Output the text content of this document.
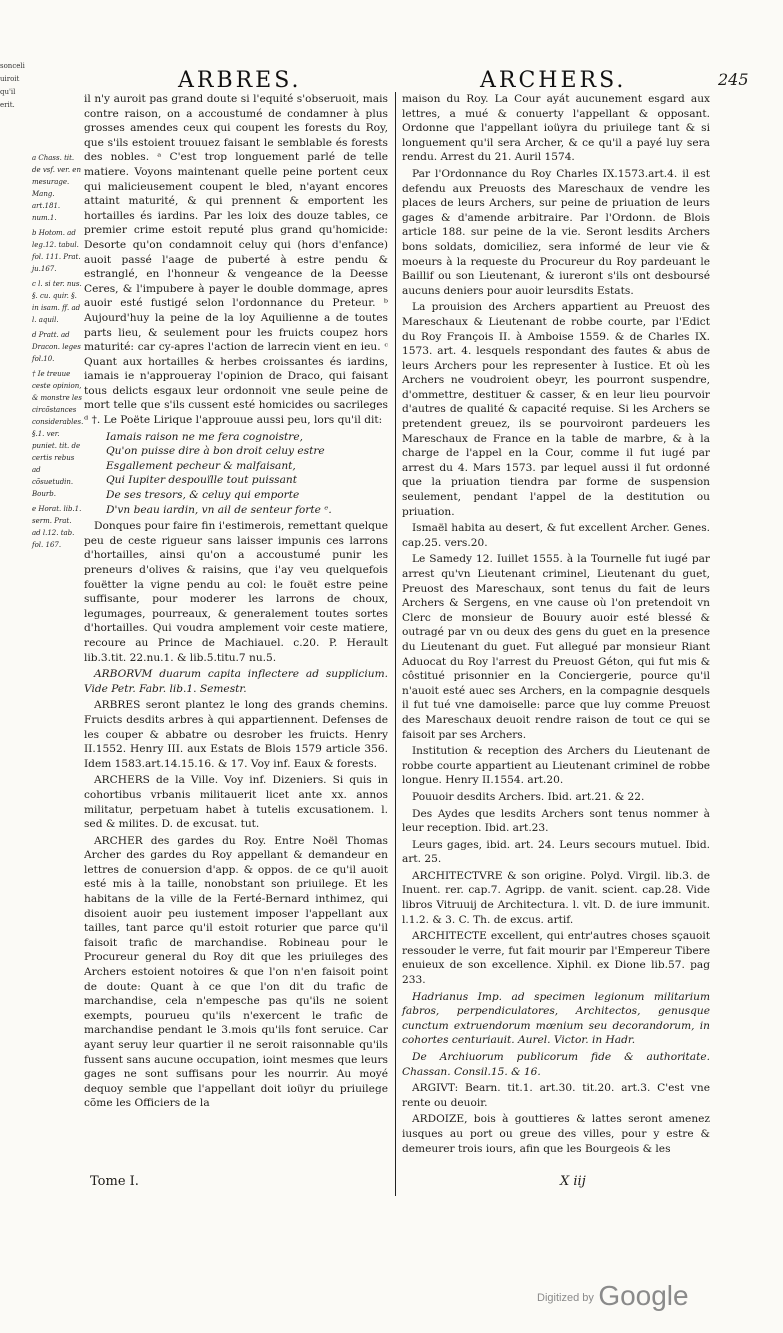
sonceli
uiroit
qu'il
erit.
ARBRES.	ARCHERS.	245
a Chass. tit. de vsf. ver. en mesurage. Mang. art.181. num.1.
b Hotom. ad leg.12. tabul. fol. 111. Prat. ju.167.
c l. si ter. nus. §. cu. quir. §. in isam. ff. ad l. aquil.
d Pratt. ad Dracon. leges fol.10.
† Ie treuue ceste opinion, & monstre les circõstances considerables. §.1. ver. puniet. tit. de certis rebus ad cõsuetudin. Bourb.
e Horat. lib.1. serm. Prat. ad l.12. tab. fol. 167.

il n'y auroit pas grand doute si l'equité s'obseruoit, mais contre raison, on a accoustumé de condamner à plus grosses amendes ceux qui coupent les forests du Roy, que s'ils estoient trouuez faisant le semblable és forests des nobles. ᵃ C'est trop longuement parlé de telle matiere. Voyons maintenant quelle peine portent ceux qui malicieusement coupent le bled, n'ayant encores attaint maturité, & qui prennent & emportent les hortailles és iardins. Par les loix des douze tables, ce premier crime estoit reputé plus grand qu'homicide: Desorte qu'on condamnoit celuy qui (hors d'enfance) auoit passé l'aage de puberté à estre pendu & estranglé, en l'honneur & vengeance de la Deesse Ceres, & l'impubere à payer le double dommage, apres auoir esté fustigé selon l'ordonnance du Preteur. ᵇ Aujourd'huy la peine de la loy Aquilienne a de toutes parts lieu, & seulement pour les fruicts coupez hors maturité: car cy-apres l'action de larrecin vient en ieu. ᶜ Quant aux hortailles & herbes croissantes és iardins, iamais ie n'approueray l'opinion de Draco, qui faisant tous delicts esgaux leur ordonnoit vne seule peine de mort telle que s'ils cussent esté homicides ou sacrileges ᵈ †. Le Poëte Lirique l'approuue aussi peu, lors qu'il dit:

Iamais raison ne me fera cognoistre,
Qu'on puisse dire à bon droit celuy estre
Esgallement pecheur & malfaisant,
Qui Iupiter despouïlle tout puissant
De ses tresors, & celuy qui emporte
D'vn beau iardin, vn ail de senteur forte ᵉ.

Donques pour faire fin i'estimerois, remettant quelque peu de ceste rigueur sans laisser impunis ces larrons d'hortailles, ainsi qu'on a accoustumé punir les preneurs d'olives & raisins, que i'ay veu quelquefois fouëtter la vigne pendu au col: le fouët estre peine suffisante, pour moderer les larrons de choux, legumages, pourreaux, & generalement toutes sortes d'hortailles. Qui voudra amplement voir ceste matiere, recoure au Prince de Machiauel. c.20. P. Herault lib.3.tit. 22.nu.1. & lib.5.titu.7 nu.5.

ARBORVM duarum capita inflectere ad supplicium. Vide Petr. Fabr. lib.1. Semestr.

ARBRES seront plantez le long des grands chemins. Fruicts desdits arbres à qui appartiennent. Defenses de les couper & abbatre ou desrober les fruicts. Henry II.1552. Henry III. aux Estats de Blois 1579 article 356. Idem 1583.art.14.15.16. & 17. Voy inf. Eaux & forests.

ARCHERS de la Ville. Voy inf. Dizeniers. Si quis in cohortibus vrbanis militauerit licet ante xx. annos militatur, perpetuam habet à tutelis excusationem. l. sed & milites. D. de excusat. tut.

ARCHER des gardes du Roy. Entre Noël Thomas Archer des gardes du Roy appellant & demandeur en lettres de conuersion d'app. & oppos. de ce qu'il auoit esté mis à la taille, nonobstant son priuilege. Et les habitans de la ville de la Ferté-Bernard inthimez, qui disoient auoir peu iustement imposer l'appellant aux tailles, tant parce qu'il estoit roturier que parce qu'il faisoit trafic de marchandise. Robineau pour le Procureur general du Roy dit que les priuileges des Archers estoient notoires & que l'on n'en faisoit point de doute: Quant à ce que l'on dit du trafic de marchandise, cela n'empesche pas qu'ils ne soient exempts, pourueu qu'ils n'exercent le trafic de marchandise pendant le 3.mois qu'ils font seruice. Car ayant seruy leur quartier il ne seroit raisonnable qu'ils fussent sans aucune occupation, ioint mesmes que leurs gages ne sont suffisans pour les nourrir. Au moyé dequoy semble que l'appellant doit ioüyr du priuilege cõme les Officiers de la

maison du Roy. La Cour ayát aucunement esgard aux lettres, a mué & conuerty l'appellant & opposant. Ordonne que l'appellant ioüyra du priuilege tant & si longuement qu'il sera Archer, & ce qu'il a payé luy sera rendu. Arrest du 21. Auril 1574.

Par l'Ordonnance du Roy Charles IX.1573.art.4. il est defendu aux Preuosts des Mareschaux de vendre les places de leurs Archers, sur peine de priuation de leurs gages & d'amende arbitraire. Par l'Ordonn. de Blois article 188. sur peine de la vie. Seront lesdits Archers bons soldats, domiciliez, sera informé de leur vie & moeurs à la requeste du Procureur du Roy pardeuant le Baillif ou son Lieutenant, & iureront s'ils ont desboursé aucuns deniers pour auoir leursdits Estats.

La prouision des Archers appartient au Preuost des Mareschaux & Lieutenant de robbe courte, par l'Edict du Roy François II. à Amboise 1559. & de Charles IX. 1573. art. 4. lesquels respondant des fautes & abus de leurs Archers pour les representer à Iustice. Et où les Archers ne voudroient obeyr, les pourront suspendre, d'ommettre, destituer & casser, & en leur lieu pourvoir d'autres de qualité & capacité requise. Si les Archers se pretendent greuez, ils se pourvoiront pardeuers les Mareschaux de France en la table de marbre, & à la charge de l'appel en la Cour, comme il fut iugé par arrest du 4. Mars 1573. par lequel aussi il fut ordonné que la priuation tiendra par forme de suspension seulement, pendant l'appel de la destitution ou priuation.

Ismaël habita au desert, & fut excellent Archer. Genes. cap.25. vers.20.

Le Samedy 12. Iuillet 1555. à la Tournelle fut iugé par arrest qu'vn Lieutenant criminel, Lieutenant du guet, Preuost des Mareschaux, sont tenus du fait de leurs Archers & Sergens, en vne cause où l'on pretendoit vn Clerc de monsieur de Bouury auoir esté blessé & outragé par vn ou deux des gens du guet en la presence du Lieutenant du guet. Fut allegué par monsieur Riant Aduocat du Roy l'arrest du Preuost Géton, qui fut mis & côstitué prisonnier en la Conciergerie, pource qu'il n'auoit esté auec ses Archers, en la compagnie desquels il fut tué vne damoiselle: parce que luy comme Preuost des Mareschaux deuoit rendre raison de tout ce qui se faisoit par ses Archers.

Institution & reception des Archers du Lieutenant de robbe courte appartient au Lieutenant criminel de robbe longue. Henry II.1554. art.20.

Pouuoir desdits Archers. Ibid. art.21. & 22.

Des Aydes que lesdits Archers sont tenus nommer à leur reception. Ibid. art.23.

Leurs gages, ibid. art. 24. Leurs secours mutuel. Ibid. art. 25.

ARCHITECTVRE & son origine. Polyd. Virgil. lib.3. de Inuent. rer. cap.7. Agripp. de vanit. scient. cap.28. Vide libros Vitruuij de Architectura. l. vlt. D. de iure immunit. l.1.2. & 3. C. Th. de excus. artif.

ARCHITECTE excellent, qui entr'autres choses sçauoit ressouder le verre, fut fait mourir par l'Empereur Tibere enuieux de son excellence. Xiphil. ex Dione lib.57. pag 233.

Hadrianus Imp. ad specimen legionum militarium fabros, perpendiculatores, Architectos, genusque cunctum extruendorum mœnium seu decorandorum, in cohortes centuriauit. Aurel. Victor. in Hadr.

De Archiuorum publicorum fide & authoritate. Chassan. Consil.15. & 16.

ARGIVT: Bearn. tit.1. art.30. tit.20. art.3. C'est vne rente ou deuoir.

ARDOIZE, bois à gouttieres & lattes seront amenez iusques au port ou greue des villes, pour y estre & demeurer trois iours, afin que les Bourgeois & les

Tome I.	X iij
$^{Digitized by}$ Google
